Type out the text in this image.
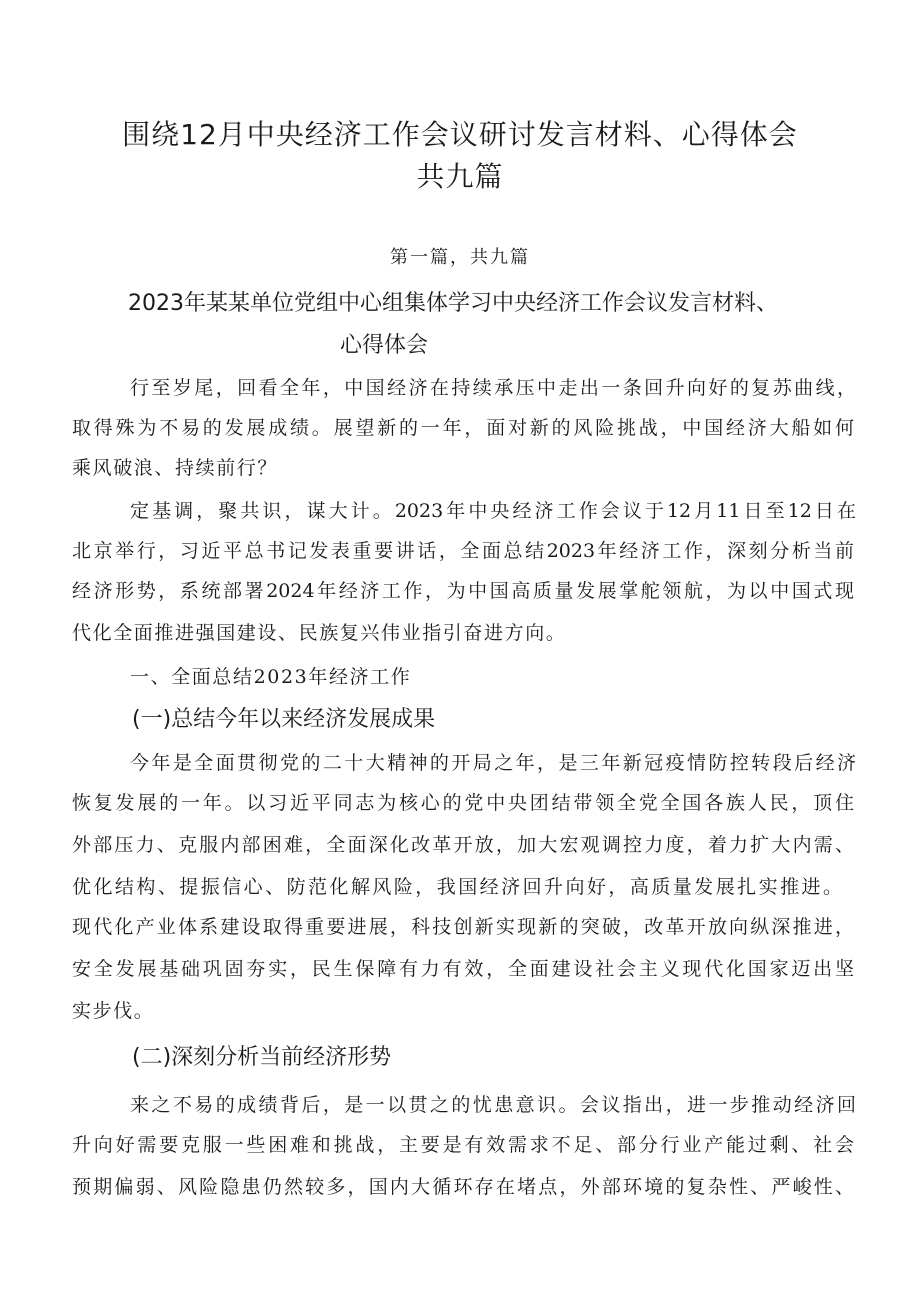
围绕12月中央经济工作会议研讨发言材料、心得体会
共九篇
第一篇，共九篇
2023年某某单位党组中心组集体学习中央经济工作会议发言材料、
心得体会
行至岁尾，回看全年，中国经济在持续承压中走出一条回升向好的复苏曲线，
取得殊为不易的发展成绩。展望新的一年，面对新的风险挑战，中国经济大船如何
乘风破浪、持续前行？
定基调，聚共识，谋大计。2023年中央经济工作会议于12月11日至12日在
北京举行，习近平总书记发表重要讲话，全面总结2023年经济工作，深刻分析当前
经济形势，系统部署2024年经济工作，为中国高质量发展掌舵领航，为以中国式现
代化全面推进强国建设、民族复兴伟业指引奋进方向。
一、全面总结2023年经济工作
(一)总结今年以来经济发展成果
今年是全面贯彻党的二十大精神的开局之年，是三年新冠疫情防控转段后经济
恢复发展的一年。以习近平同志为核心的党中央团结带领全党全国各族人民，顶住
外部压力、克服内部困难，全面深化改革开放，加大宏观调控力度，着力扩大内需、
优化结构、提振信心、防范化解风险，我国经济回升向好，高质量发展扎实推进。
现代化产业体系建设取得重要进展，科技创新实现新的突破，改革开放向纵深推进，
安全发展基础巩固夯实，民生保障有力有效，全面建设社会主义现代化国家迈出坚
实步伐。
(二)深刻分析当前经济形势
来之不易的成绩背后，是一以贯之的忧患意识。会议指出，进一步推动经济回
升向好需要克服一些困难和挑战，主要是有效需求不足、部分行业产能过剩、社会
预期偏弱、风险隐患仍然较多，国内大循环存在堵点，外部环境的复杂性、严峻性、
